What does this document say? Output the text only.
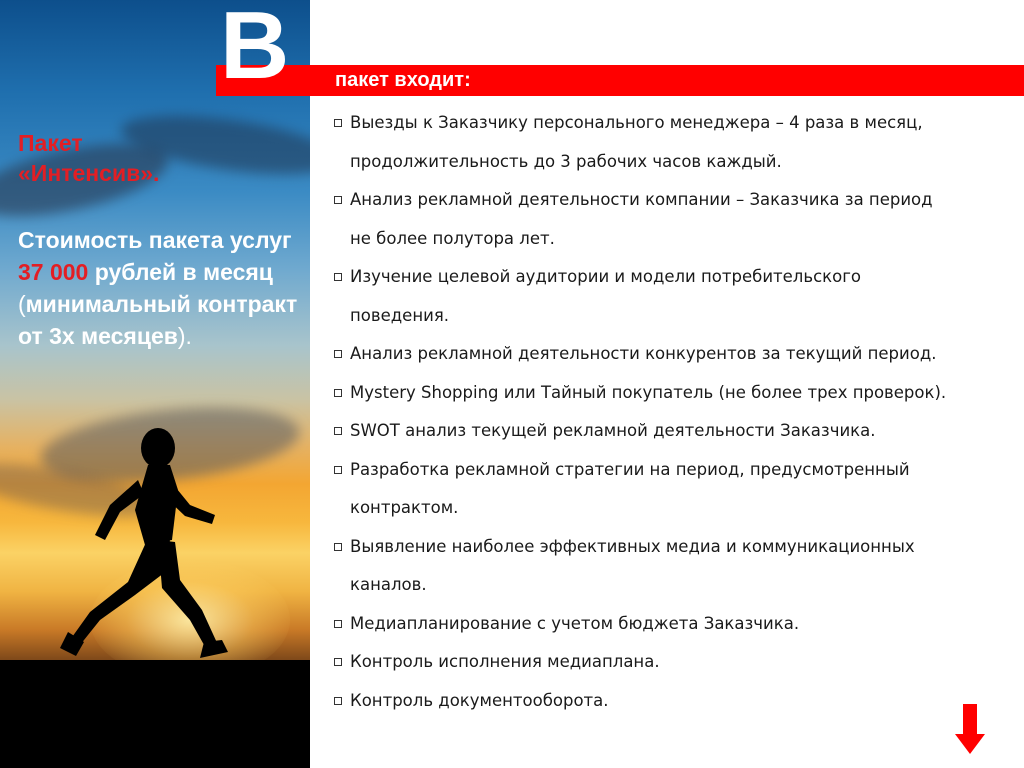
Пакет
«Интенсив».
Стоимость пакета услуг 37 000 рублей в месяц (минимальный контракт от 3х месяцев).
В пакет входит:
Выезды к Заказчику персонального менеджера – 4 раза в месяц,
продолжительность до 3 рабочих часов каждый.
Анализ рекламной деятельности компании – Заказчика за период
не более полутора лет.
Изучение целевой аудитории и модели потребительского
поведения.
Анализ рекламной деятельности конкурентов за текущий период.
Mystery Shopping или Тайный покупатель (не более трех проверок).
SWOT анализ текущей рекламной деятельности Заказчика.
Разработка рекламной стратегии на период, предусмотренный
контрактом.
Выявление наиболее эффективных медиа и коммуникационных
каналов.
Медиапланирование с учетом бюджета Заказчика.
Контроль исполнения медиаплана.
Контроль документооборота.
